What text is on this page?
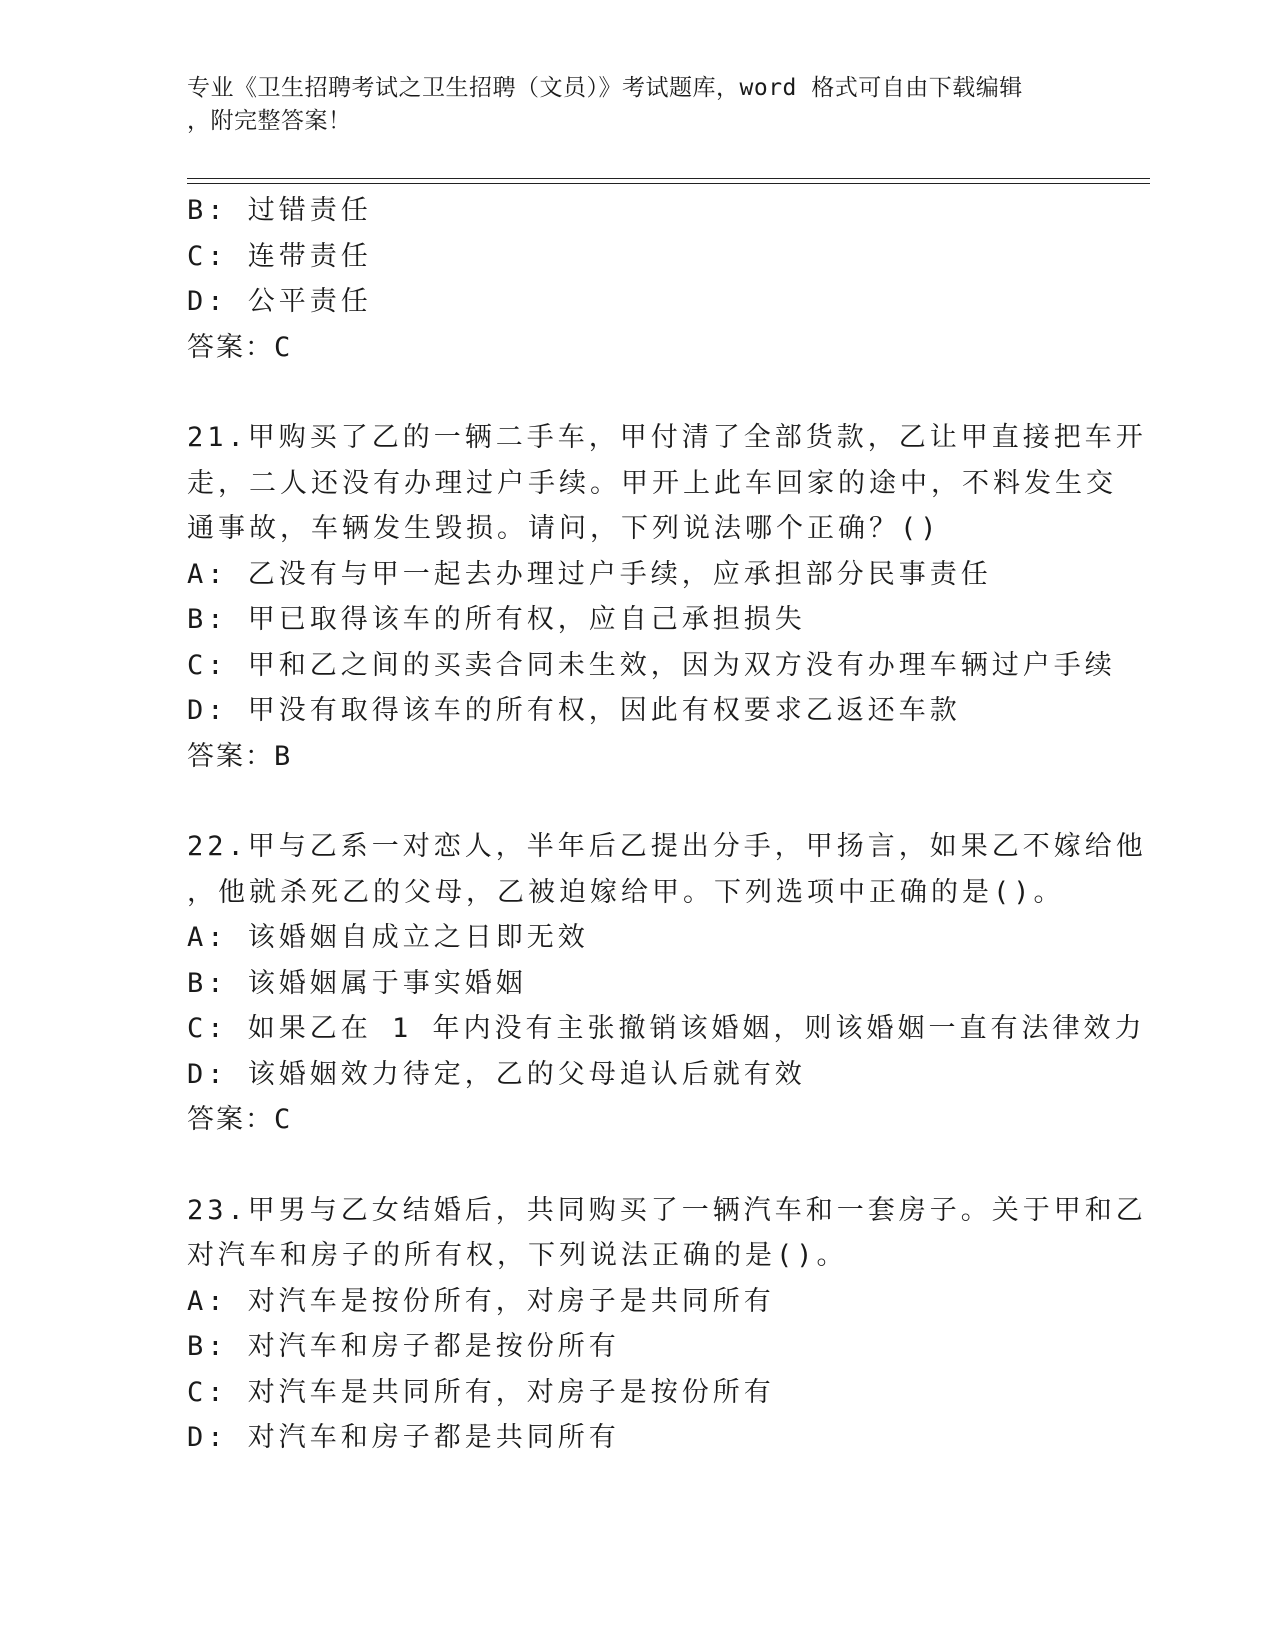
专业《卫生招聘考试之卫生招聘（文员）》考试题库，word 格式可自由下载编辑
，附完整答案！

B: 过错责任

C: 连带责任

D: 公平责任

答案：C

21.甲购买了乙的一辆二手车，甲付清了全部货款，乙让甲直接把车开

走，二人还没有办理过户手续。甲开上此车回家的途中，不料发生交

通事故，车辆发生毁损。请问，下列说法哪个正确？()

A: 乙没有与甲一起去办理过户手续，应承担部分民事责任

B: 甲已取得该车的所有权，应自己承担损失

C: 甲和乙之间的买卖合同未生效，因为双方没有办理车辆过户手续

D: 甲没有取得该车的所有权，因此有权要求乙返还车款

答案：B

22.甲与乙系一对恋人，半年后乙提出分手，甲扬言，如果乙不嫁给他

，他就杀死乙的父母，乙被迫嫁给甲。下列选项中正确的是()。

A: 该婚姻自成立之日即无效

B: 该婚姻属于事实婚姻

C: 如果乙在 1 年内没有主张撤销该婚姻，则该婚姻一直有法律效力

D: 该婚姻效力待定，乙的父母追认后就有效

答案：C

23.甲男与乙女结婚后，共同购买了一辆汽车和一套房子。关于甲和乙

对汽车和房子的所有权，下列说法正确的是()。

A: 对汽车是按份所有，对房子是共同所有

B: 对汽车和房子都是按份所有

C: 对汽车是共同所有，对房子是按份所有

D: 对汽车和房子都是共同所有
